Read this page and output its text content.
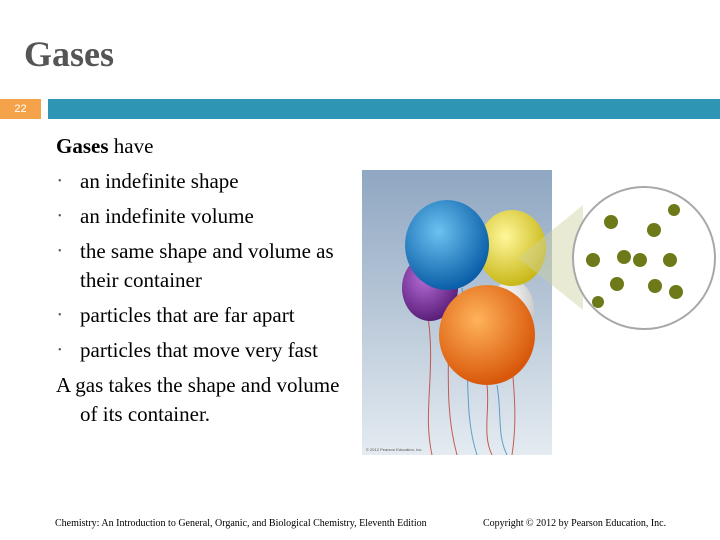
Gases
22
Gases have
• an indefinite shape
• an indefinite volume
• the same shape and volume as their container
• particles that are far apart
• particles that move very fast
A gas takes the shape and volume of its container.
© 2012 Pearson Education, Inc.
Chemistry: An Introduction to General, Organic, and Biological Chemistry, Eleventh Edition	Copyright © 2012 by Pearson Education, Inc.
